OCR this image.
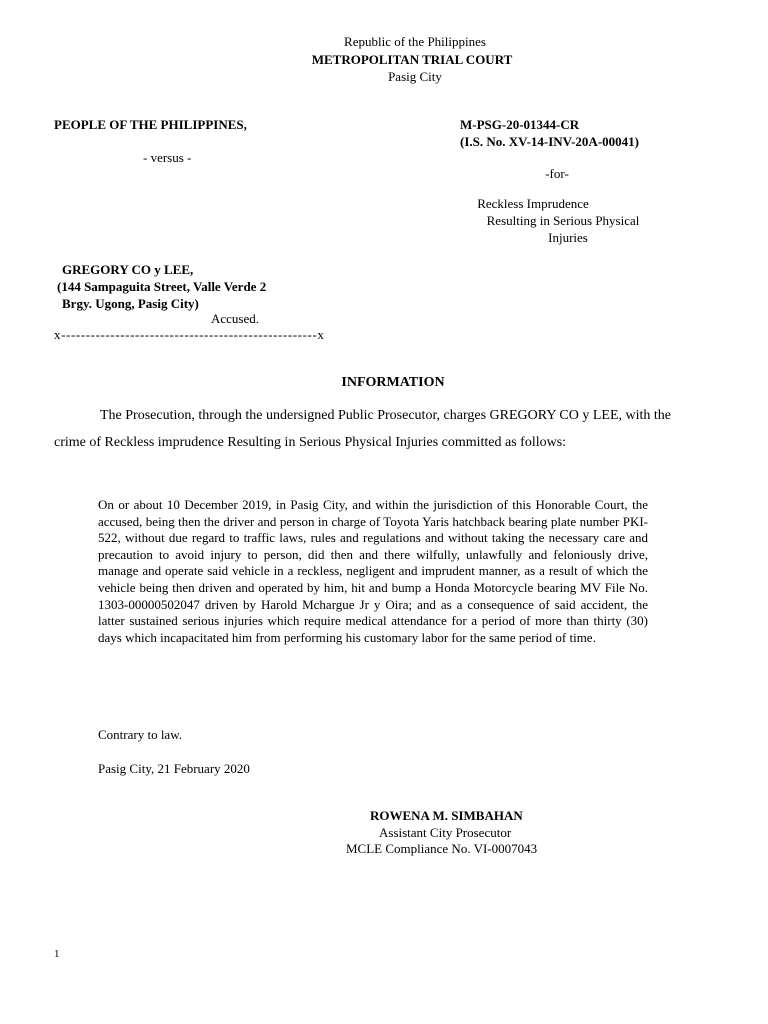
Republic of the Philippines
METROPOLITAN TRIAL COURT
Pasig City
PEOPLE OF THE PHILIPPINES,
- versus -
GREGORY CO y LEE,
(144 Sampaguita Street, Valle Verde 2
Brgy. Ugong, Pasig City)
Accused.
x----------------------------------------------------x
M-PSG-20-01344-CR
(I.S. No. XV-14-INV-20A-00041)
-for-
Reckless Imprudence
Resulting in Serious Physical
Injuries
INFORMATION

The Prosecution, through the undersigned Public Prosecutor, charges GREGORY CO y LEE, with the crime of Reckless imprudence Resulting in Serious Physical Injuries committed as follows:

On or about 10 December 2019, in Pasig City, and within the jurisdiction of this Honorable Court, the accused, being then the driver and person in charge of Toyota Yaris hatchback bearing plate number PKI-522, without due regard to traffic laws, rules and regulations and without taking the necessary care and precaution to avoid injury to person, did then and there wilfully, unlawfully and feloniously drive, manage and operate said vehicle in a reckless, negligent and imprudent manner, as a result of which the vehicle being then driven and operated by him, hit and bump a Honda Motorcycle bearing MV File No. 1303-00000502047 driven by Harold Mchargue Jr y Oira; and as a consequence of said accident, the latter sustained serious injuries which require medical attendance for a period of more than thirty (30) days which incapacitated him from performing his customary labor for the same period of time.

Contrary to law.
Pasig City, 21 February 2020
ROWENA M. SIMBAHAN
Assistant City Prosecutor
MCLE Compliance No. VI-0007043
1
